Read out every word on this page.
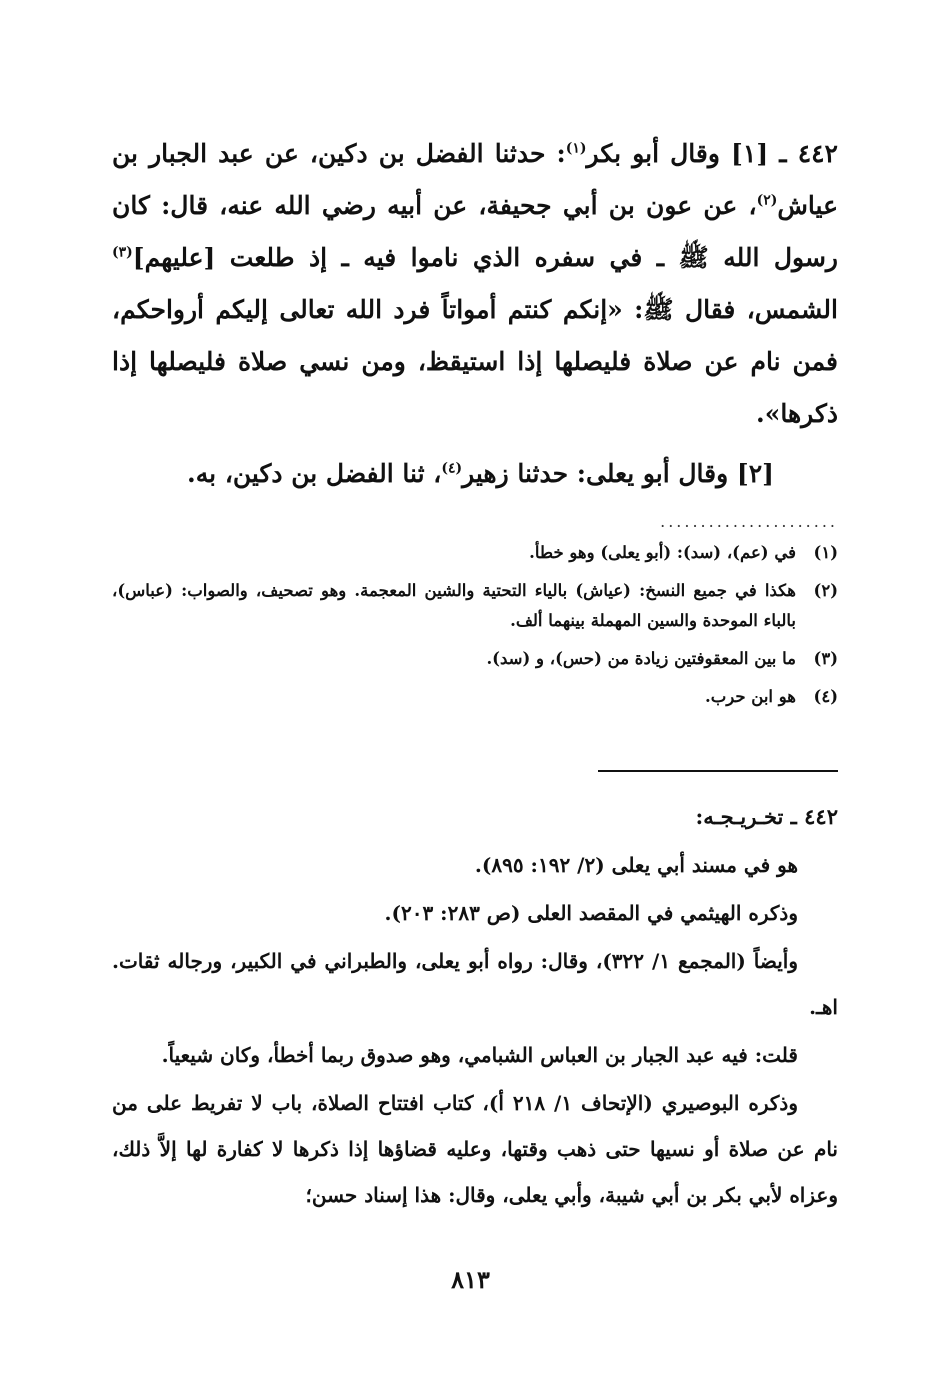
٤٤٢ ـ [١] وقال أبو بكر$^{(١)}$: حدثنا الفضل بن دكين، عن عبد الجبار بن عياش$^{(٢)}$، عن عون بن أبي جحيفة، عن أبيه رضي الله عنه، قال: كان رسول الله ﷺ ـ في سفره الذي ناموا فيه ـ إذ طلعت [عليهم]$^{(٣)}$ الشمس، فقال ﷺ: «إنكم كنتم أمواتاً فرد الله تعالى إليكم أرواحكم، فمن نام عن صلاة فليصلها إذا استيقظ، ومن نسي صلاة فليصلها إذا ذكرها».

[٢] وقال أبو يعلى: حدثنا زهير$^{(٤)}$، ثنا الفضل بن دكين، به.

......................
(١)
في (عم)، (سد): (أبو يعلى) وهو خطأ.
(٢)
هكذا في جميع النسخ: (عياش) بالياء التحتية والشين المعجمة. وهو تصحيف، والصواب: (عباس)، بالباء الموحدة والسين المهملة بينهما ألف.
(٣)
ما بين المعقوفتين زيادة من (حس)، و (سد).
(٤)
هو ابن حرب.

٤٤٢ ـ تخـريـجـه:

هو في مسند أبي يعلى (٢/ ١٩٢: ٨٩٥).

وذكره الهيثمي في المقصد العلى (ص ٢٨٣: ٢٠٣).

وأيضاً (المجمع ١/ ٣٢٢)، وقال: رواه أبو يعلى، والطبراني في الكبير، ورجاله ثقات. اهـ.

قلت: فيه عبد الجبار بن العباس الشبامي، وهو صدوق ربما أخطأ، وكان شيعياً.

وذكره البوصيري (الإتحاف ١/ ٢١٨ أ)، كتاب افتتاح الصلاة، باب لا تفريط على من نام عن صلاة أو نسيها حتى ذهب وقتها، وعليه قضاؤها إذا ذكرها لا كفارة لها إلاَّ ذلك، وعزاه لأبي بكر بن أبي شيبة، وأبي يعلى، وقال: هذا إسناد حسن؛

٨١٣
